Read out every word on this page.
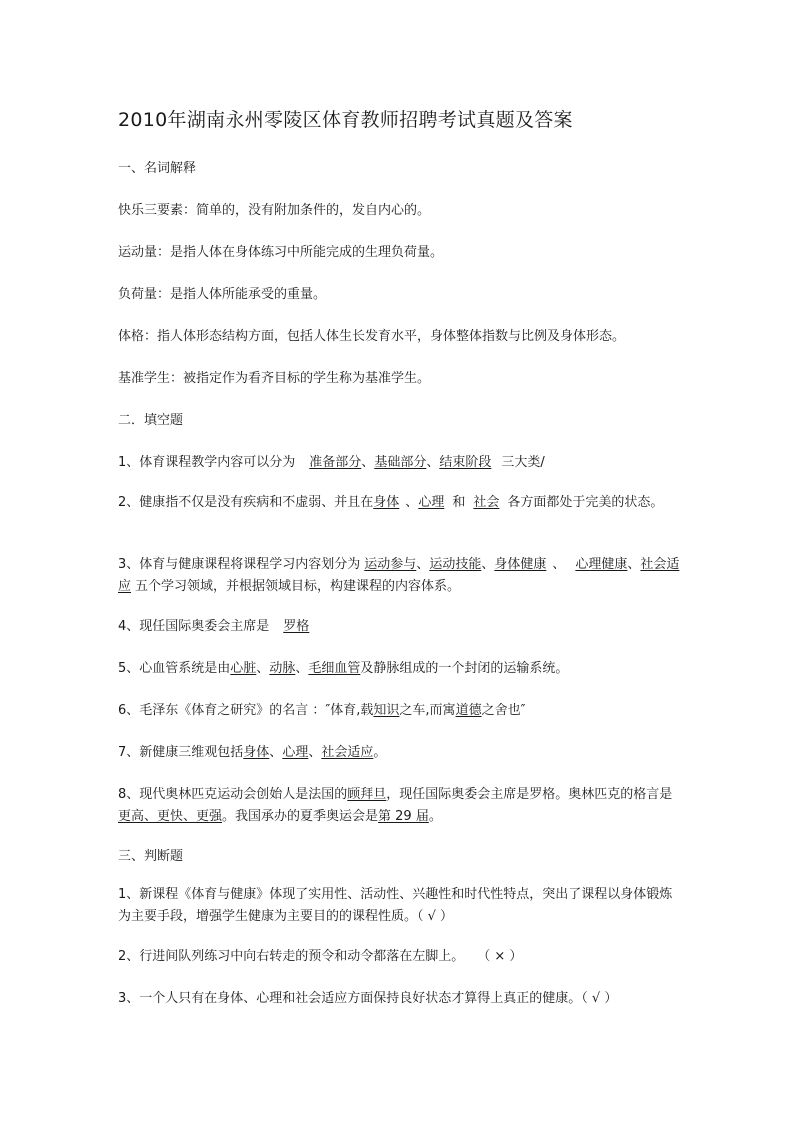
2010年湖南永州零陵区体育教师招聘考试真题及答案
一、名词解释
快乐三要素：简单的，没有附加条件的，发自内心的。
运动量：是指人体在身体练习中所能完成的生理负荷量。
负荷量：是指人体所能承受的重量。
体格：指人体形态结构方面，包括人体生长发育水平，身体整体指数与比例及身体形态。
基准学生：被指定作为看齐目标的学生称为基准学生。
二．填空题
1、体育课程教学内容可以分为 准备部分、基础部分、结束阶段 三大类/
2、健康指不仅是没有疾病和不虚弱、并且在身体 、心理 和 社会 各方面都处于完美的状态。
3、体育与健康课程将课程学习内容划分为 运动参与、运动技能、身体健康 、 心理健康、社会适应 五个学习领域，并根据领域目标，构建课程的内容体系。
4、现任国际奥委会主席是 罗格
5、心血管系统是由心脏、动脉、毛细血管及静脉组成的一个封闭的运输系统。
6、毛泽东《体育之研究》的名言 ：″体育,载知识之车,而寓道德之舍也″
7、新健康三维观包括身体、心理、社会适应。
8、现代奥林匹克运动会创始人是法国的顾拜旦，现任国际奥委会主席是罗格。奥林匹克的格言是更高、更快、更强。我国承办的夏季奥运会是第 29 届。
三、判断题
1、新课程《体育与健康》体现了实用性、活动性、兴趣性和时代性特点，突出了课程以身体锻炼为主要手段，增强学生健康为主要目的的课程性质。（ √ ）
2、行进间队列练习中向右转走的预令和动令都落在左脚上。　　（ × ）
3、一个人只有在身体、心理和社会适应方面保持良好状态才算得上真正的健康。（ √ ）
